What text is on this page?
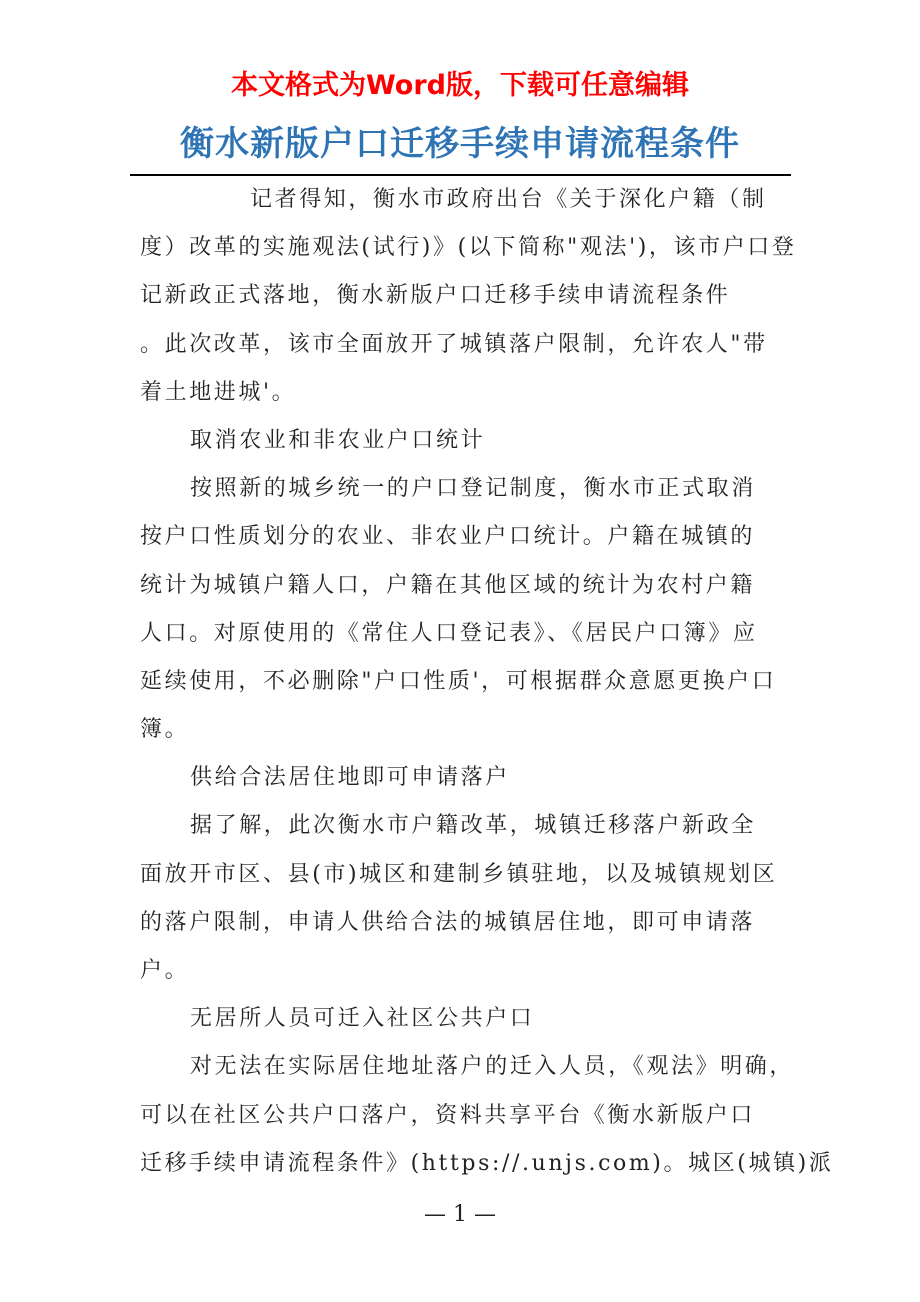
本文格式为Word版，下载可任意编辑
衡水新版户口迁移手续申请流程条件
记者得知，衡水市政府出台《关于深化户籍（制
度）改革的实施观法(试行)》(以下简称"观法')，该市户口登
记新政正式落地，衡水新版户口迁移手续申请流程条件
。此次改革，该市全面放开了城镇落户限制，允许农人"带
着土地进城'。
取消农业和非农业户口统计
按照新的城乡统一的户口登记制度，衡水市正式取消
按户口性质划分的农业、非农业户口统计。户籍在城镇的
统计为城镇户籍人口，户籍在其他区域的统计为农村户籍
人口。对原使用的《常住人口登记表》、《居民户口簿》应
延续使用，不必删除"户口性质'，可根据群众意愿更换户口
簿。
供给合法居住地即可申请落户
据了解，此次衡水市户籍改革，城镇迁移落户新政全
面放开市区、县(市)城区和建制乡镇驻地，以及城镇规划区
的落户限制，申请人供给合法的城镇居住地，即可申请落
户。
无居所人员可迁入社区公共户口
对无法在实际居住地址落户的迁入人员，《观法》明确，
可以在社区公共户口落户，资料共享平台《衡水新版户口
迁移手续申请流程条件》(https://.unjs.com)。城区(城镇)派
— 1 —
